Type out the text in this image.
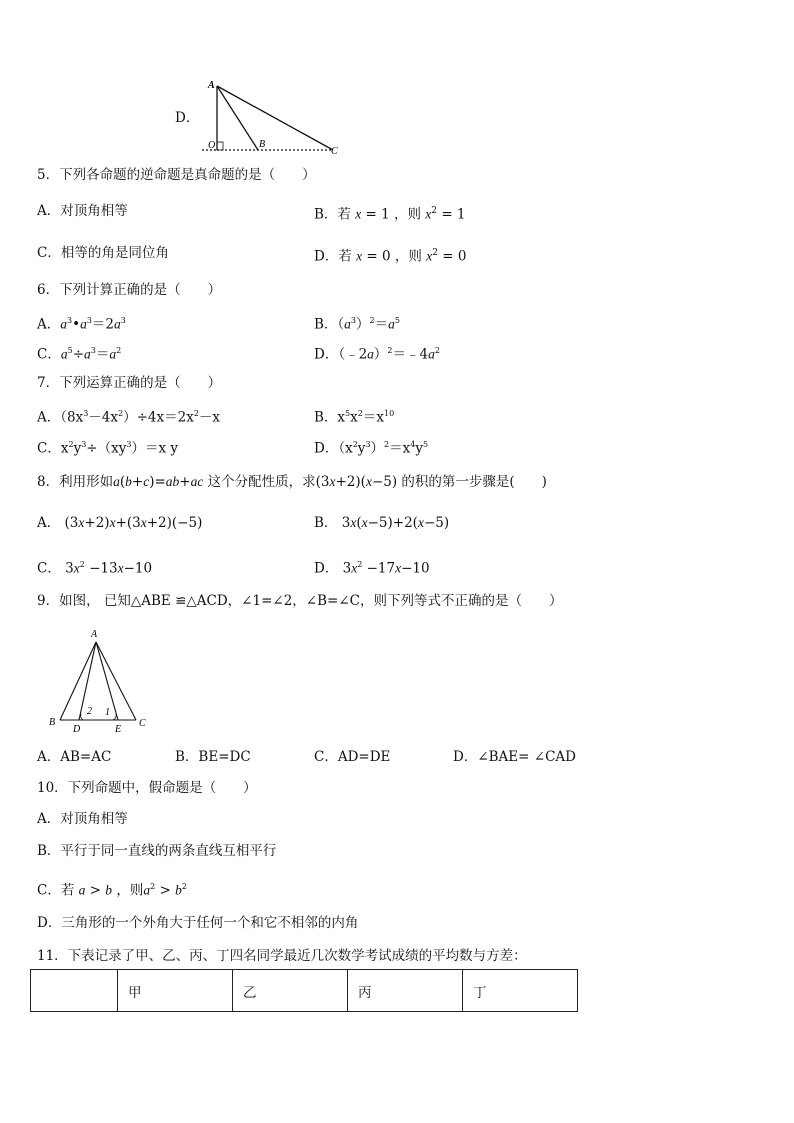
D．
A
O	B
C
5．下列各命题的逆命题是真命题的是（　　）
A．对顶角相等	B．若 x = 1 ，则 $x^2 = 1$
C．相等的角是同位角	D．若 x = 0 ，则 $x^2 = 0$
6．下列计算正确的是（　　）
A．$a^3•a^3=2a^3$	B．$(a^3)^2=a^5$
C．$a^5\div a^3=a^2$	D．$(﹣2a)^2=﹣4a^2$
7．下列运算正确的是（　　）
A．$(8x^3-4x^2)\div 4x=2x^2-x$	B．$x^5x^2=x^{10}$
C．$x^2y^3\div(xy^3)=x$ y	D．$(x^2y^3)^2=x^4y^5$
8．利用形如a(b+c)=ab+ac 这个分配性质，求(3x+2)(x−5) 的积的第一步骤是(　　)
A． (3x+2)x+(3x+2)(−5)	B． 3x(x−5)+2(x−5)
C． $3x^2 -13x-10$	D． $3x^2 -17x-10$
9．如图， 已知△ABE ≌△ACD，∠1=∠2，∠B=∠C，则下列等式不正确的是（　　）
A
B	C
D	E
2 1
A．AB=AC	B．BE=DC	C．AD=DE	D．∠BAE= ∠CAD
10．下列命题中，假命题是（　　）
A．对顶角相等
B．平行于同一直线的两条直线互相平行
C．若 a > b ，则$a^2 > b^2$
D．三角形的一个外角大于任何一个和它不相邻的内角
11．下表记录了甲、乙、丙、丁四名同学最近几次数学考试成绩的平均数与方差：
	甲	乙	丙	丁
